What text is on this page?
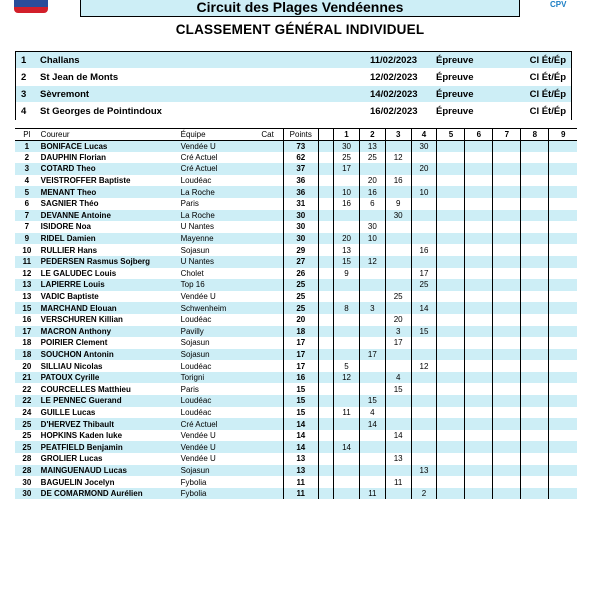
Circuit des Plages Vendéennes	CPV
CLASSEMENT GÉNÉRAL INDIVIDUEL
1	Challans	11/02/2023	Épreuve	Cl Ét/Ép
2	St Jean de Monts	12/02/2023	Épreuve	Cl Ét/Ép
3	Sèvremont	14/02/2023	Épreuve	Cl Ét/Ép
4	St Georges de Pointindoux	16/02/2023	Épreuve	Cl Ét/Ép
Pl	Coureur	Équipe	Cat	Points		1	2	3	4	5	6	7	8	9
1	BONIFACE Lucas	Vendée U		73		30	13		30					
2	DAUPHIN Florian	Cré Actuel		62		25	25	12						
3	COTARD Theo	Cré Actuel		37		17			20					
4	VEISTROFFER Baptiste	Loudéac		36			20	16						
5	MENANT Theo	La Roche		36		10	16		10					
6	SAGNIER Théo	Paris		31		16	6	9						
7	DEVANNE Antoine	La Roche		30				30						
7	ISIDORE Noa	U Nantes		30			30							
9	RIDEL Damien	Mayenne		30		20	10							
10	RULLIER Hans	Sojasun		29		13			16					
11	PEDERSEN Rasmus Sojberg	U Nantes		27		15	12							
12	LE GALUDEC Louis	Cholet		26		9			17					
13	LAPIERRE Louis	Top 16		25					25					
13	VADIC Baptiste	Vendée U		25				25						
15	MARCHAND Elouan	Schwenheim		25		8	3		14					
16	VERSCHUREN Killian	Loudéac		20				20						
17	MACRON Anthony	Pavilly		18				3	15					
18	POIRIER Clement	Sojasun		17				17						
18	SOUCHON Antonin	Sojasun		17			17							
20	SILLIAU Nicolas	Loudéac		17		5			12					
21	PATOUX Cyrille	Torigni		16		12		4						
22	COURCELLES Matthieu	Paris		15				15						
22	LE PENNEC Guerand	Loudéac		15			15							
24	GUILLE Lucas	Loudéac		15		11	4							
25	D'HERVEZ Thibault	Cré Actuel		14			14							
25	HOPKINS Kaden luke	Vendée U		14				14						
25	PEATFIELD Benjamin	Vendée U		14		14								
28	GROLIER Lucas	Vendée U		13				13						
28	MAINGUENAUD Lucas	Sojasun		13					13					
30	BAGUELIN Jocelyn	Fybolia		11				11						
30	DE COMARMOND Aurélien	Fybolia		11			11		2					
